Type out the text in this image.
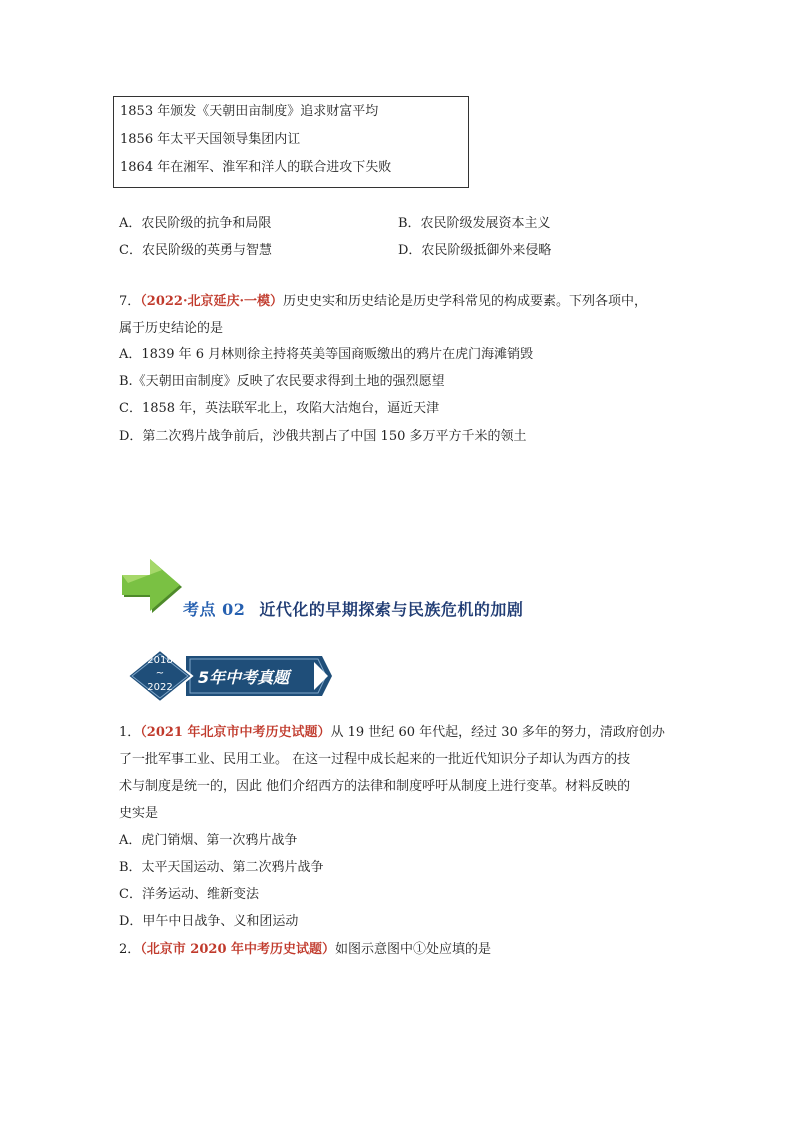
1853 年颁发《天朝田亩制度》追求财富平均
1856 年太平天国领导集团内讧
1864 年在湘军、淮军和洋人的联合进攻下失败
A．农民阶级的抗争和局限	B．农民阶级发展资本主义
C．农民阶级的英勇与智慧	D．农民阶级抵御外来侵略
7．（2022·北京延庆·一模）历史史实和历史结论是历史学科常见的构成要素。下列各项中，
属于历史结论的是
A．1839 年 6 月林则徐主持将英美等国商贩缴出的鸦片在虎门海滩销毁
B.《天朝田亩制度》反映了农民要求得到土地的强烈愿望
C．1858 年，英法联军北上，攻陷大沽炮台，逼近天津
D．第二次鸦片战争前后，沙俄共割占了中国 150 多万平方千米的领土
考点 02 近代化的早期探索与民族危机的加剧
2018
~
2022
5年中考真题
1．（2021 年北京市中考历史试题）从 19 世纪 60 年代起，经过 30 多年的努力，清政府创办
了一批军事工业、民用工业。 在这一过程中成长起来的一批近代知识分子却认为西方的技
术与制度是统一的，因此 他们介绍西方的法律和制度呼吁从制度上进行变革。材料反映的
史实是
A．虎门销烟、第一次鸦片战争
B．太平天国运动、第二次鸦片战争
C．洋务运动、维新变法
D．甲午中日战争、义和团运动
2．（北京市 2020 年中考历史试题）如图示意图中①处应填的是
